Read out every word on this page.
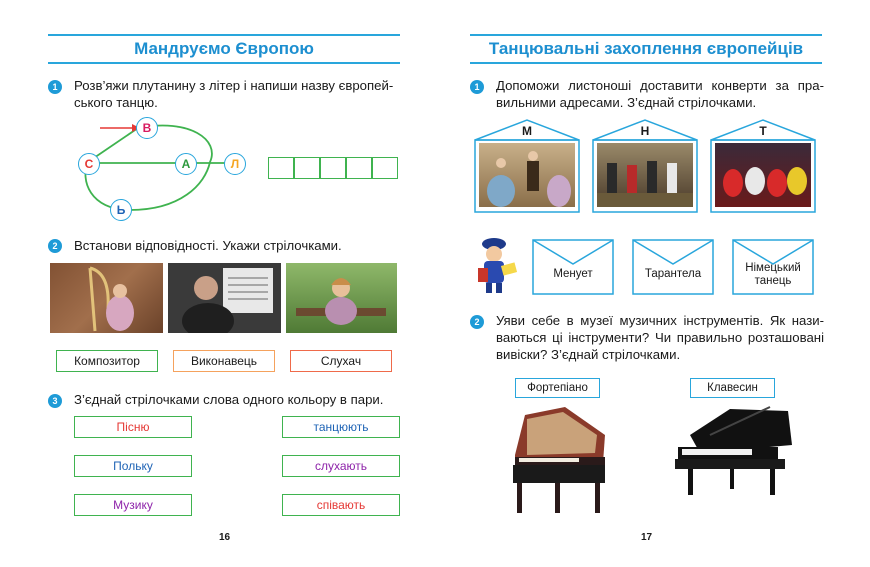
Мандруємо Європою
1	Розв’яжи плутанину з літер і напиши назву європей-ського танцю.
В
С	А	Л
Ь
2	Встанови відповідності. Укажи стрілочками.
Композитор	Виконавець	Слухач
3	З’єднай стрілочками слова одного кольору в пари.
Пісню
Польку
Музику
танцюють
слухають
співають
16
Танцювальні захоплення європейців
1	Допоможи листоноші доставити конверти за пра-вильними адресами. З’єднай стрілочками.
М	Н	Т
Менует	Тарантела	Німецький танець
2	Уяви себе в музеї музичних інструментів. Як нази-ваються ці інструменти? Чи правильно розташовані вивіски? З’єднай стрілочками.
Фортепіано	Клавесин
17
